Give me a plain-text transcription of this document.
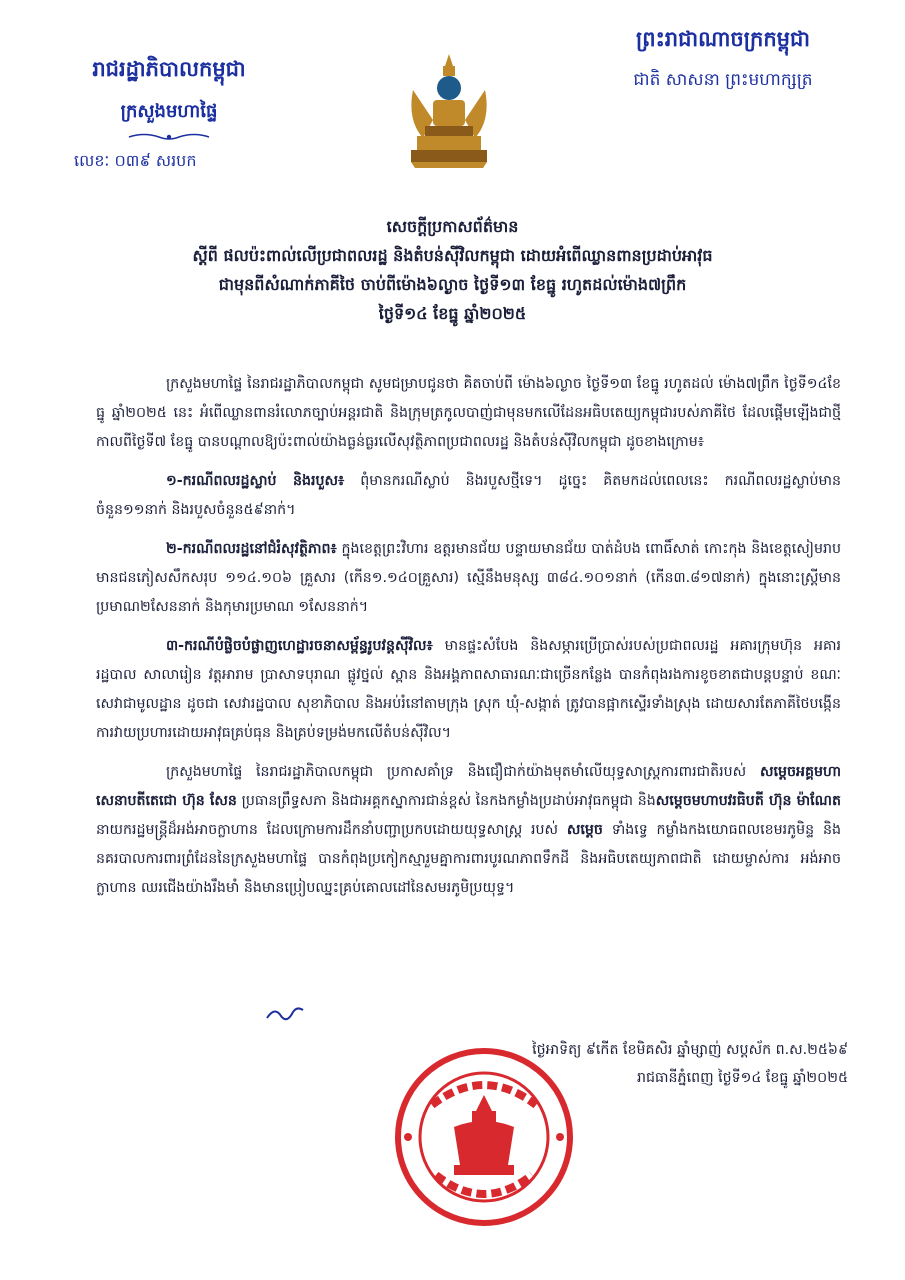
រាជរដ្ឋាភិបាលកម្ពុជា
ក្រសួងមហាផ្ទៃ
លេខៈ ០៣៩ សរបក
ព្រះរាជាណាចក្រកម្ពុជា
ជាតិ សាសនា ព្រះមហាក្សត្រ
សេចក្តីប្រកាសព័ត៌មាន
ស្តីពី ផលប៉ះពាល់លើប្រជាពលរដ្ឋ និងតំបន់ស៊ីវិលកម្ពុជា ដោយអំពើឈ្លានពានប្រដាប់អាវុធ
ជាមុនពីសំណាក់ភាគីថៃ ចាប់ពីម៉ោង៦ល្ងាច ថ្ងៃទី១៣ ខែធ្នូ រហូតដល់ម៉ោង៧ព្រឹក
ថ្ងៃទី១៤ ខែធ្នូ ឆ្នាំ២០២៥

ក្រសួងមហាផ្ទៃ នៃរាជរដ្ឋាភិបាលកម្ពុជា សូមជម្រាបជូនថា គិតចាប់ពី ម៉ោង៦ល្ងាច ថ្ងៃទី១៣ ខែធ្នូ រហូតដល់ ម៉ោង៧ព្រឹក ថ្ងៃទី១៤ខែធ្នូ ឆ្នាំ២០២៥ នេះ អំពើឈ្លានពានរំលោភច្បាប់អន្តរជាតិ និងក្រុមត្រកូលបាញ់ជាមុនមកលើដែនអធិបតេយ្យកម្ពុជារបស់ភាគីថៃ ដែលផ្តើមឡើងជាថ្មីកាលពីថ្ងៃទី៧ ខែធ្នូ បានបណ្តាលឱ្យប៉ះពាល់យ៉ាងធ្ងន់ធ្ងរលើសុវត្ថិភាពប្រជាពលរដ្ឋ និងតំបន់ស៊ីវិលកម្ពុជា ដូចខាងក្រោម៖

១-ករណីពលរដ្ឋស្លាប់ និងរបួស៖ ពុំមានករណីស្លាប់ និងរបួសថ្មីទេ។ ដូច្នេះ គិតមកដល់ពេលនេះ ករណីពលរដ្ឋស្លាប់មានចំនួន១១នាក់ និងរបួសចំនួន៥៩នាក់។

២-ករណីពលរដ្ឋនៅជំរំសុវត្ថិភាព៖ ក្នុងខេត្តព្រះវិហារ ឧត្តរមានជ័យ បន្ទាយមានជ័យ បាត់ដំបង ពោធិ៍សាត់ កោះកុង និងខេត្តសៀមរាប មានជនភៀសសឹកសរុប ១១៤.១០៦ គ្រួសារ (កើន១.១៤០គ្រួសារ) ស្មើនឹងមនុស្ស ៣៨៤.១០១នាក់ (កើន៣.៨១៧នាក់) ក្នុងនោះស្ត្រីមានប្រមាណ២សែននាក់ និងកុមារប្រមាណ ១សែននាក់។

៣-ករណីបំផ្លិចបំផ្លាញហេដ្ឋារចនាសម្ព័ន្ធរូបវន្តស៊ីវិល៖ មានផ្ទះសំបែង និងសម្ភារប្រើប្រាស់របស់ប្រជាពលរដ្ឋ អគារក្រុមហ៊ុន អគាររដ្ឋបាល សាលារៀន វត្តអារាម ប្រាសាទបុរាណ ផ្លូវថ្នល់ ស្ពាន និងអង្គភាពសាធារណៈជាច្រើនកន្លែង បានកំពុងរងការខូចខាតជាបន្តបន្ទាប់ ខណៈសេវាជាមូលដ្ឋាន ដូចជា សេវារដ្ឋបាល សុខាភិបាល និងអប់រំនៅតាមក្រុង ស្រុក ឃុំ-សង្កាត់ ត្រូវបានផ្អាកស្ទើរទាំងស្រុង ដោយសារតែភាគីថៃបង្កើនការវាយប្រហារដោយអាវុធគ្រប់ធុន និងគ្រប់ទម្រង់មកលើតំបន់ស៊ីវិល។

ក្រសួងមហាផ្ទៃ នៃរាជរដ្ឋាភិបាលកម្ពុជា ប្រកាសគាំទ្រ និងជឿជាក់យ៉ាងមុតមាំលើយុទ្ធសាស្ត្រការពារជាតិរបស់ សម្តេចអគ្គមហាសេនាបតីតេជោ ហ៊ុន សែន ប្រធានព្រឹទ្ធសភា និងជាអគ្គកស្នាការជាន់ខ្ពស់ នៃកងកម្លាំងប្រដាប់អាវុធកម្ពុជា និងសម្តេចមហាបវរធិបតី ហ៊ុន ម៉ាណែត នាយករដ្ឋមន្ត្រីដ៏អង់អាចក្លាហាន ដែលក្រោមការដឹកនាំបញ្ជាប្រកបដោយយុទ្ធសាស្ត្រ របស់ សម្តេច ទាំងទ្វេ កម្លាំងកងយោធពលខេមរភូមិន្ទ និងនគរបាលការពារព្រំដែននៃក្រសួងមហាផ្ទៃ បានកំពុងប្រកៀកស្មារួមគ្នាការពារបូរណភាពទឹកដី និងអធិបតេយ្យភាពជាតិ ដោយម្ចាស់ការ អង់អាចក្លាហាន ឈរជើងយ៉ាងរឹងមាំ និងមានប្រៀបឈ្នះគ្រប់គោលដៅនៃសមរភូមិប្រយុទ្ធ។

ថ្ងៃអាទិត្យ ៩កើត ខែមិគសិរ ឆ្នាំម្សាញ់ សប្តស័ក ព.ស.២៥៦៩
រាជធានីភ្នំពេញ ថ្ងៃទី១៤ ខែធ្នូ ឆ្នាំ២០២៥
